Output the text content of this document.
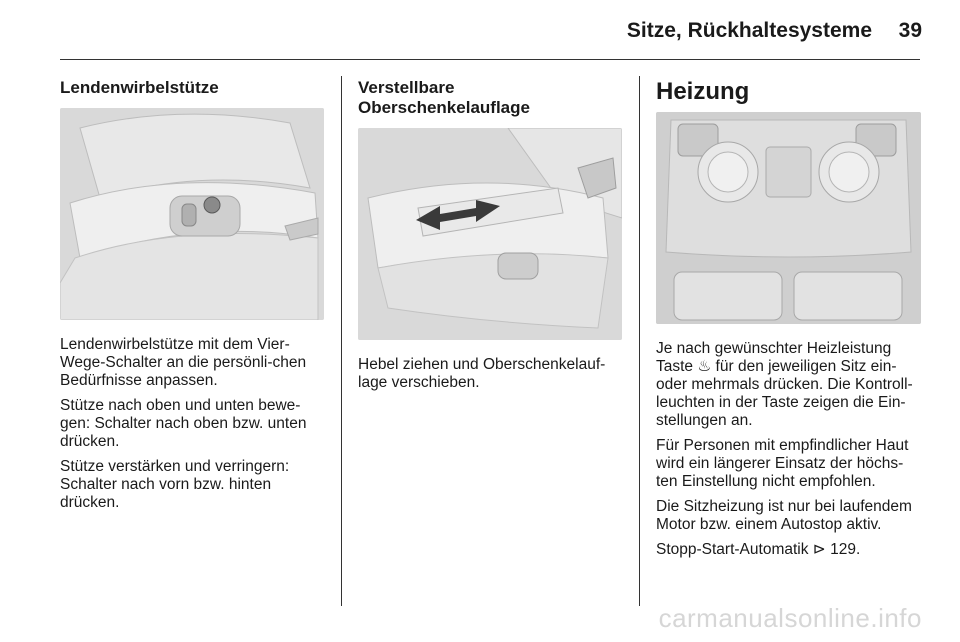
Sitze, Rückhaltesysteme 39
Lendenwirbelstütze

Lendenwirbelstütze mit dem Vier-Wege-Schalter an die persönli-chen Bedürfnisse anpassen.

Stütze nach oben und unten bewe-gen: Schalter nach oben bzw. unten drücken.

Stütze verstärken und verringern: Schalter nach vorn bzw. hinten drücken.

Verstellbare
Oberschenkelauflage

Hebel ziehen und Oberschenkelauf-lage verschieben.

Heizung

Je nach gewünschter Heizleistung Taste ♨ für den jeweiligen Sitz ein- oder mehrmals drücken. Die Kontroll-leuchten in der Taste zeigen die Ein-stellungen an.

Für Personen mit empfindlicher Haut wird ein längerer Einsatz der höchs-ten Einstellung nicht empfohlen.

Die Sitzheizung ist nur bei laufendem Motor bzw. einem Autostop aktiv.

Stopp-Start-Automatik ⊳ 129.

carmanualsonline.info
